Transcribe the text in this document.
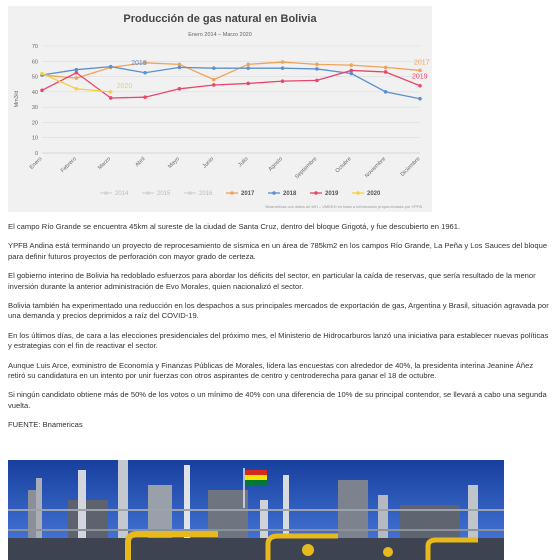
Producción de gas natural en Bolivia
Enero 2014 – Marzo 2020
Mm3/d
0
10
20
30
40
50
60
70
Enero	Febrero	Marzo	Abril	Mayo	Junio	Julio	Agosto Septiembre	Octubre Noviembre Diciembre
2017
2018
2019
2020
2014	2015	2016	2017	2018	2019	2020
Bnamericas con datos de MH – VMEEH en base a información proporcionada por YPFB

El campo Río Grande se encuentra 45km al sureste de la ciudad de Santa Cruz, dentro del bloque Grigotá, y fue descubierto en 1961.

YPFB Andina está terminando un proyecto de reprocesamiento de sísmica en un área de 785km2 en los campos Río Grande, La Peña y Los Sauces del bloque para definir futuros proyectos de perforación con mayor grado de certeza.

El gobierno interino de Bolivia ha redoblado esfuerzos para abordar los déficits del sector, en particular la caída de reservas, que sería resultado de la menor inversión durante la anterior administración de Evo Morales, quien nacionalizó el sector.

Bolivia también ha experimentado una reducción en los despachos a sus principales mercados de exportación de gas, Argentina y Brasil, situación agravada por una demanda y precios deprimidos a raíz del COVID-19.

En los últimos días, de cara a las elecciones presidenciales del próximo mes, el Ministerio de Hidrocarburos lanzó una iniciativa para establecer nuevas políticas y estrategias con el fin de reactivar el sector.

Aunque Luis Arce, exministro de Economía y Finanzas Públicas de Morales, lidera las encuestas con alrededor de 40%, la presidenta interina Jeanine Áñez retiró su candidatura en un intento por unir fuerzas con otros aspirantes de centro y centroderecha para ganar el 18 de octubre.

Si ningún candidato obtiene más de 50% de los votos o un mínimo de 40% con una diferencia de 10% de su principal contendor, se llevará a cabo una segunda vuelta.

FUENTE: Bnamericas
